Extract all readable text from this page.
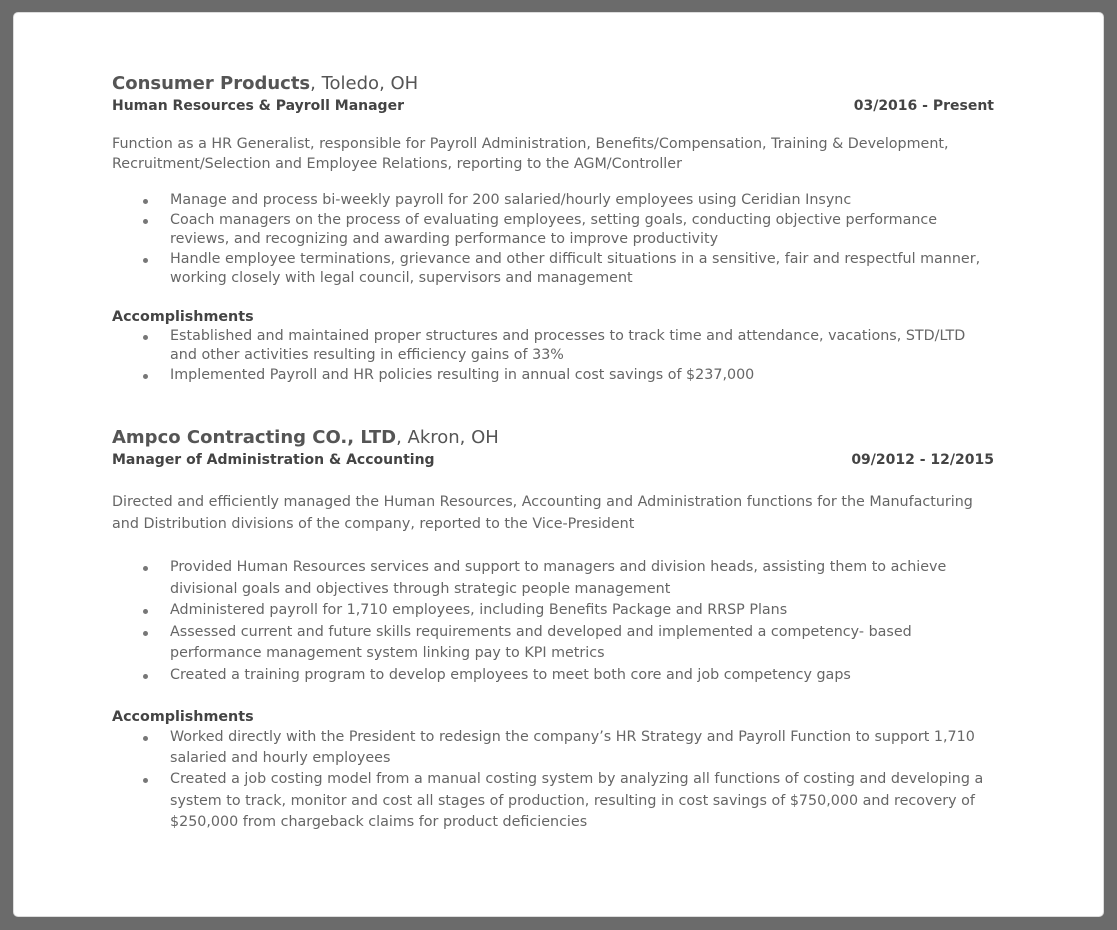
Consumer Products, Toledo, OH
Human Resources & Payroll Manager	03/2016 - Present

Function as a HR Generalist, responsible for Payroll Administration, Benefits/Compensation, Training & Development, Recruitment/Selection and Employee Relations, reporting to the AGM/Controller

Manage and process bi-weekly payroll for 200 salaried/hourly employees using Ceridian Insync
Coach managers on the process of evaluating employees, setting goals, conducting objective performance reviews, and recognizing and awarding performance to improve productivity
Handle employee terminations, grievance and other difficult situations in a sensitive, fair and respectful manner, working closely with legal council, supervisors and management
Accomplishments
Established and maintained proper structures and processes to track time and attendance, vacations, STD/LTD and other activities resulting in efficiency gains of 33%
Implemented Payroll and HR policies resulting in annual cost savings of $237,000
Ampco Contracting CO., LTD, Akron, OH
Manager of Administration & Accounting	09/2012 - 12/2015

Directed and efficiently managed the Human Resources, Accounting and Administration functions for the Manufacturing and Distribution divisions of the company, reported to the Vice-President

Provided Human Resources services and support to managers and division heads, assisting them to achieve divisional goals and objectives through strategic people management
Administered payroll for 1,710 employees, including Benefits Package and RRSP Plans
Assessed current and future skills requirements and developed and implemented a competency- based performance management system linking pay to KPI metrics
Created a training program to develop employees to meet both core and job competency gaps
Accomplishments
Worked directly with the President to redesign the company’s HR Strategy and Payroll Function to support 1,710 salaried and hourly employees
Created a job costing model from a manual costing system by analyzing all functions of costing and developing a system to track, monitor and cost all stages of production, resulting in cost savings of $750,000 and recovery of $250,000 from chargeback claims for product deficiencies
